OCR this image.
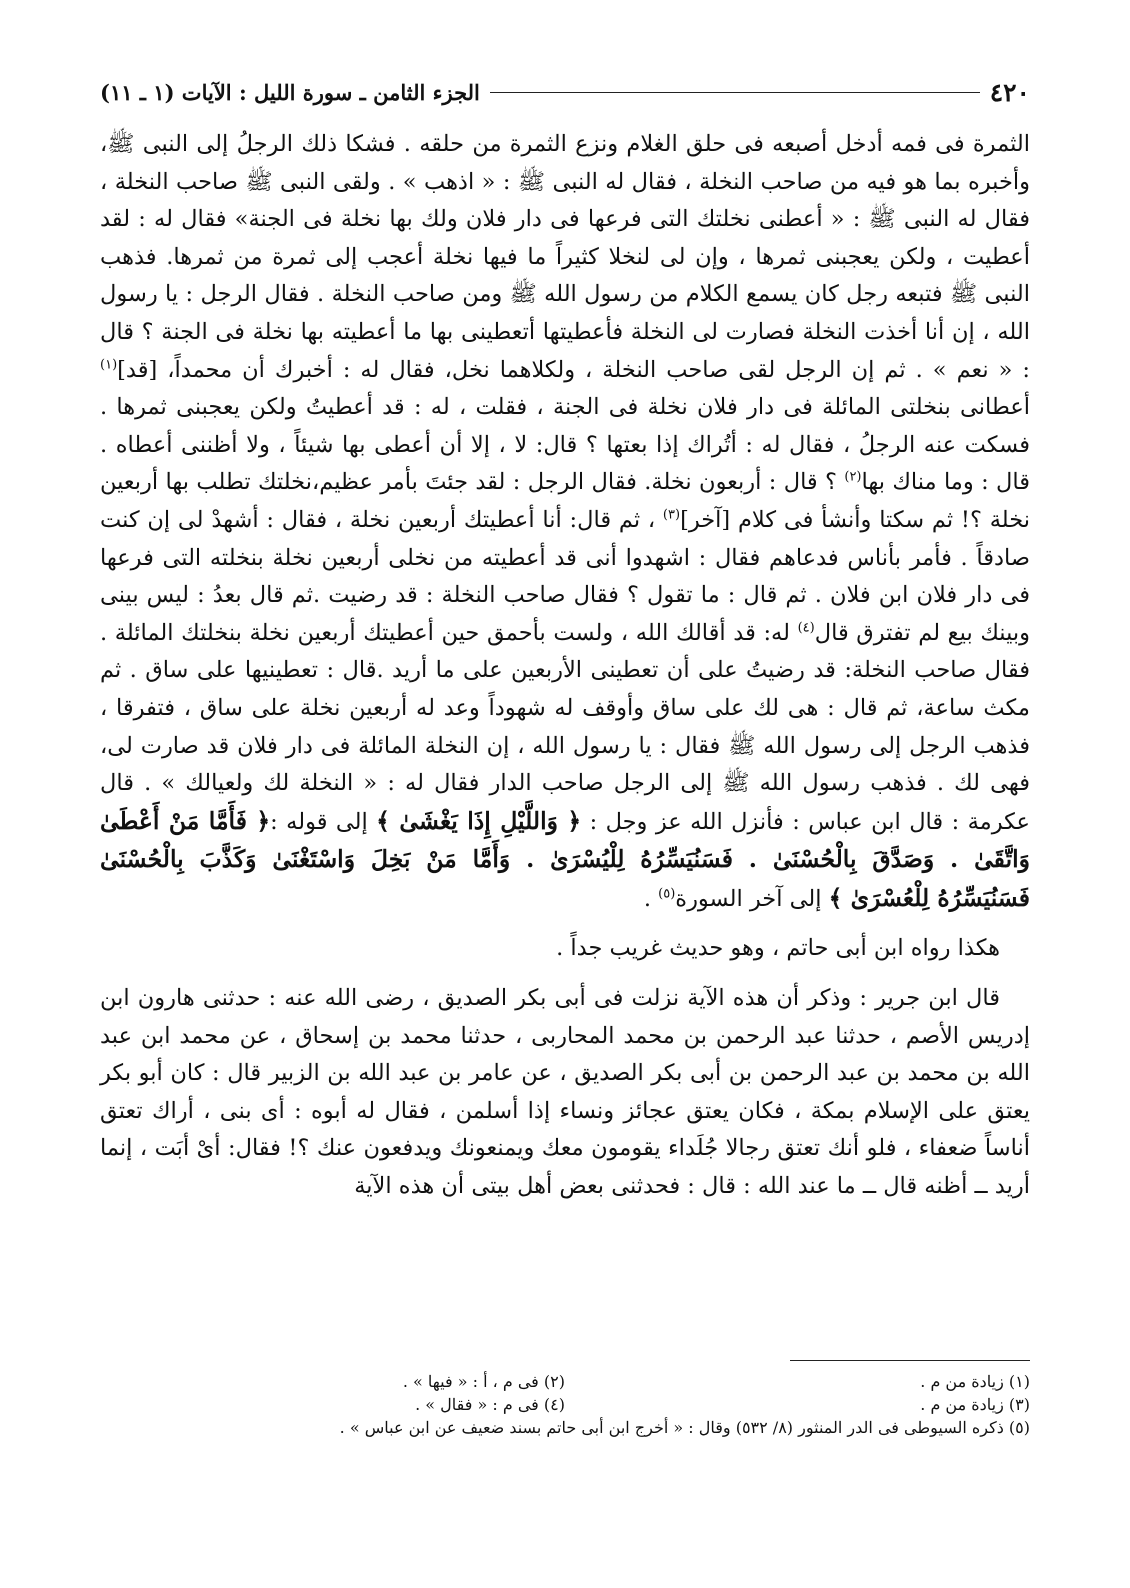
٤٢٠
الجزء الثامن ـ سورة الليل : الآيات (١ ـ ١١)

الثمرة فى فمه أدخل أصبعه فى حلق الغلام ونزع الثمرة من حلقه . فشكا ذلك الرجلُ إلى النبى ﷺ، وأخبره بما هو فيه من صاحب النخلة ، فقال له النبى ﷺ : « اذهب » . ولقى النبى ﷺ صاحب النخلة ، فقال له النبى ﷺ : « أعطنى نخلتك التى فرعها فى دار فلان ولك بها نخلة فى الجنة» فقال له : لقد أعطيت ، ولكن يعجبنى ثمرها ، وإن لى لنخلا كثيراً ما فيها نخلة أعجب إلى ثمرة من ثمرها. فذهب النبى ﷺ فتبعه رجل كان يسمع الكلام من رسول الله ﷺ ومن صاحب النخلة . فقال الرجل : يا رسول الله ، إن أنا أخذت النخلة فصارت لى النخلة فأعطيتها أتعطينى بها ما أعطيته بها نخلة فى الجنة ؟ قال : « نعم » . ثم إن الرجل لقى صاحب النخلة ، ولكلاهما نخل، فقال له : أخبرك أن محمداً، [قد]$^{(١)}$ أعطانى بنخلتى المائلة فى دار فلان نخلة فى الجنة ، فقلت ، له : قد أعطيتُ ولكن يعجبنى ثمرها . فسكت عنه الرجلُ ، فقال له : أتُراك إذا بعتها ؟ قال: لا ، إلا أن أعطى بها شيئاً ، ولا أظننى أعطاه . قال : وما مناك بها$^{(٢)}$ ؟ قال : أربعون نخلة. فقال الرجل : لقد جئتَ بأمر عظيم،نخلتك تطلب بها أربعين نخلة ؟! ثم سكتا وأنشأ فى كلام [آخر]$^{(٣)}$ ، ثم قال: أنا أعطيتك أربعين نخلة ، فقال : أشهدْ لى إن كنت صادقاً . فأمر بأناس فدعاهم فقال : اشهدوا أنى قد أعطيته من نخلى أربعين نخلة بنخلته التى فرعها فى دار فلان ابن فلان . ثم قال : ما تقول ؟ فقال صاحب النخلة : قد رضيت .ثم قال بعدُ : ليس بينى وبينك بيع لم تفترق قال$^{(٤)}$ له: قد أقالك الله ، ولست بأحمق حين أعطيتك أربعين نخلة بنخلتك المائلة . فقال صاحب النخلة: قد رضيتُ على أن تعطينى الأربعين على ما أريد .قال : تعطينيها على ساق . ثم مكث ساعة، ثم قال : هى لك على ساق وأوقف له شهوداً وعد له أربعين نخلة على ساق ، فتفرقا ، فذهب الرجل إلى رسول الله ﷺ فقال : يا رسول الله ، إن النخلة المائلة فى دار فلان قد صارت لى، فهى لك . فذهب رسول الله ﷺ إلى الرجل صاحب الدار فقال له : « النخلة لك ولعيالك » . قال عكرمة : قال ابن عباس : فأنزل الله عز وجل : ﴿ وَاللَّيْلِ إِذَا يَغْشَىٰ ﴾ إلى قوله :﴿ فَأَمَّا مَنْ أَعْطَىٰ وَاتَّقَىٰ . وَصَدَّقَ بِالْحُسْنَىٰ . فَسَنُيَسِّرُهُ لِلْيُسْرَىٰ . وَأَمَّا مَنْ بَخِلَ وَاسْتَغْنَىٰ وَكَذَّبَ بِالْحُسْنَىٰ فَسَنُيَسِّرُهُ لِلْعُسْرَىٰ ﴾ إلى آخر السورة$^{(٥)}$ .

هكذا رواه ابن أبى حاتم ، وهو حديث غريب جداً .

قال ابن جرير : وذكر أن هذه الآية نزلت فى أبى بكر الصديق ، رضى الله عنه : حدثنى هارون ابن إدريس الأصم ، حدثنا عبد الرحمن بن محمد المحاربى ، حدثنا محمد بن إسحاق ، عن محمد ابن عبد الله بن محمد بن عبد الرحمن بن أبى بكر الصديق ، عن عامر بن عبد الله بن الزبير قال : كان أبو بكر يعتق على الإسلام بمكة ، فكان يعتق عجائز ونساء إذا أسلمن ، فقال له أبوه : أى بنى ، أراك تعتق أناساً ضعفاء ، فلو أنك تعتق رجالا جُلَداء يقومون معك ويمنعونك ويدفعون عنك ؟! فقال: أىْ أبَت ، إنما أريد ــ أظنه قال ــ ما عند الله : قال : فحدثنى بعض أهل بيتى أن هذه الآية

(١) زيادة من م .
(٢) فى م ، أ : « فيها » .
(٣) زيادة من م .
(٤) فى م : « فقال » .
(٥) ذكره السيوطى فى الدر المنثور (٨/ ٥٣٢) وقال : « أخرج ابن أبى حاتم بسند ضعيف عن ابن عباس » .
